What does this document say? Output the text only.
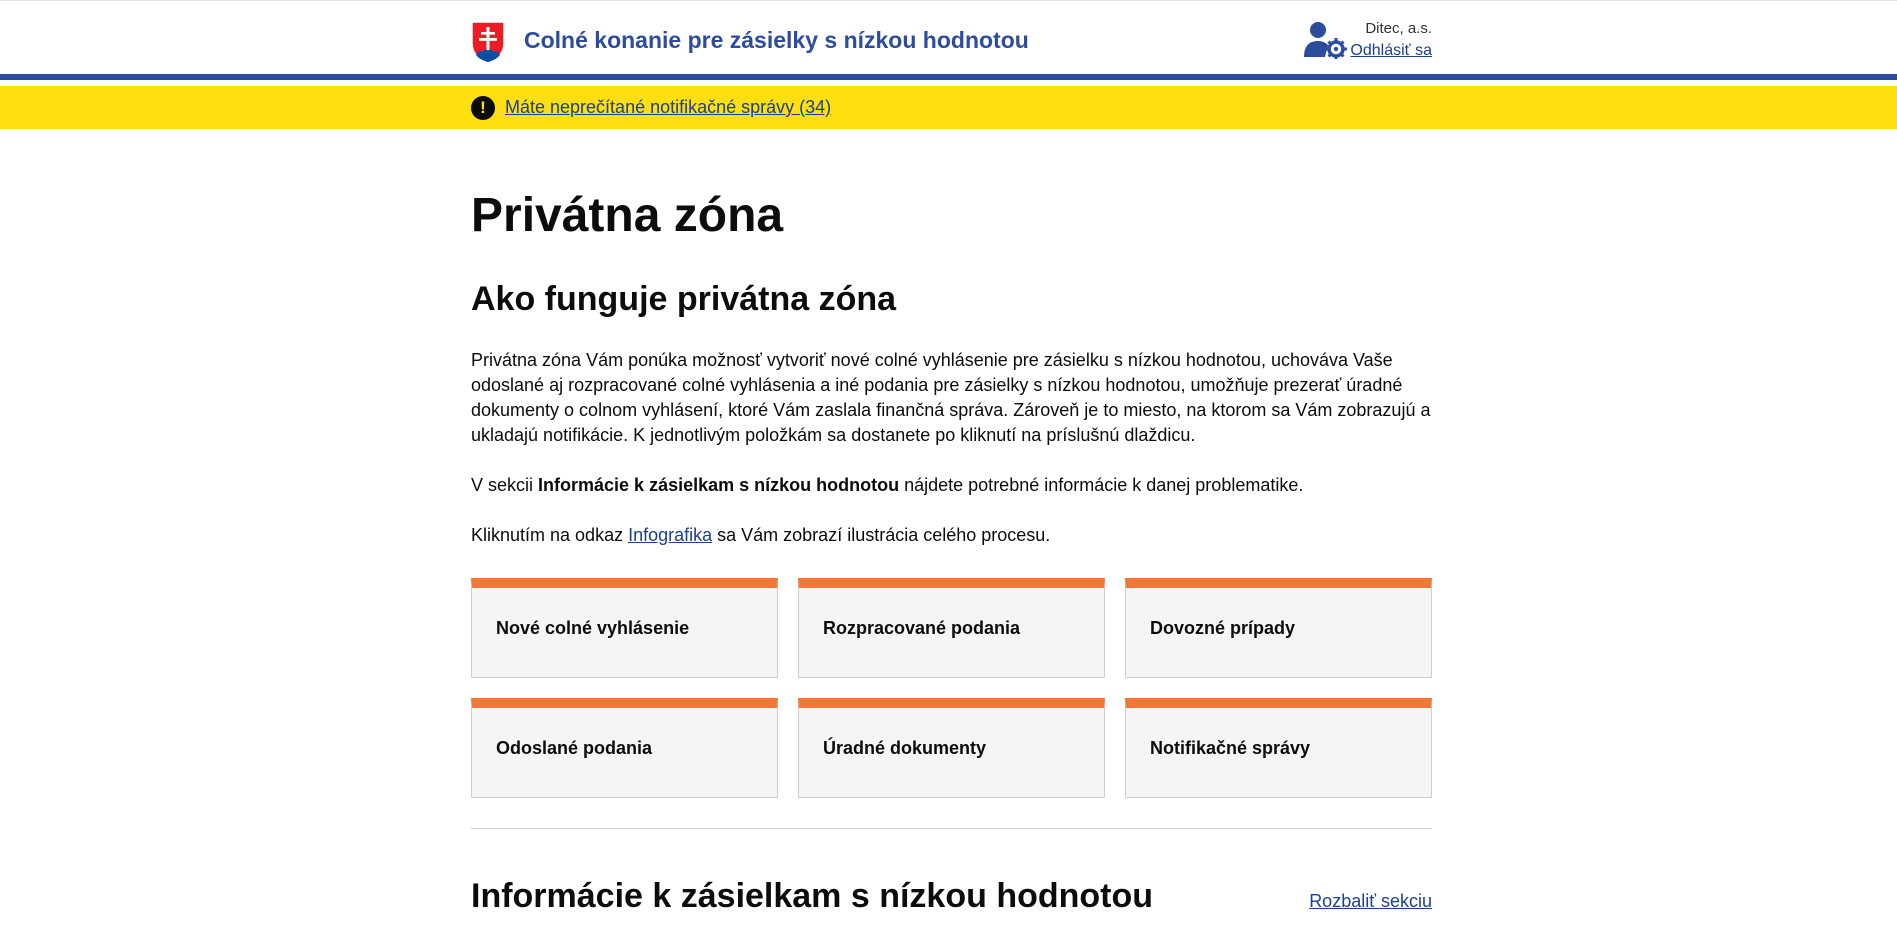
Colné konanie pre zásielky s nízkou hodnotou	Ditec, a.s.
Odhlásiť sa
!	Máte neprečítané notifikačné správy (34)
Privátna zóna
Ako funguje privátna zóna

Privátna zóna Vám ponúka možnosť vytvoriť nové colné vyhlásenie pre zásielku s nízkou hodnotou, uchováva Vaše odoslané aj rozpracované colné vyhlásenia a iné podania pre zásielky s nízkou hodnotou, umožňuje prezerať úradné dokumenty o colnom vyhlásení, ktoré Vám zaslala finančná správa. Zároveň je to miesto, na ktorom sa Vám zobrazujú a ukladajú notifikácie. K jednotlivým položkám sa dostanete po kliknutí na príslušnú dlaždicu.

V sekcii Informácie k zásielkam s nízkou hodnotou nájdete potrebné informácie k danej problematike.

Kliknutím na odkaz Infografika sa Vám zobrazí ilustrácia celého procesu.

Nové colné vyhlásenie	Rozpracované podania	Dovozné prípady
Odoslané podania	Úradné dokumenty	Notifikačné správy
Informácie k zásielkam s nízkou hodnotou	Rozbaliť sekciu
